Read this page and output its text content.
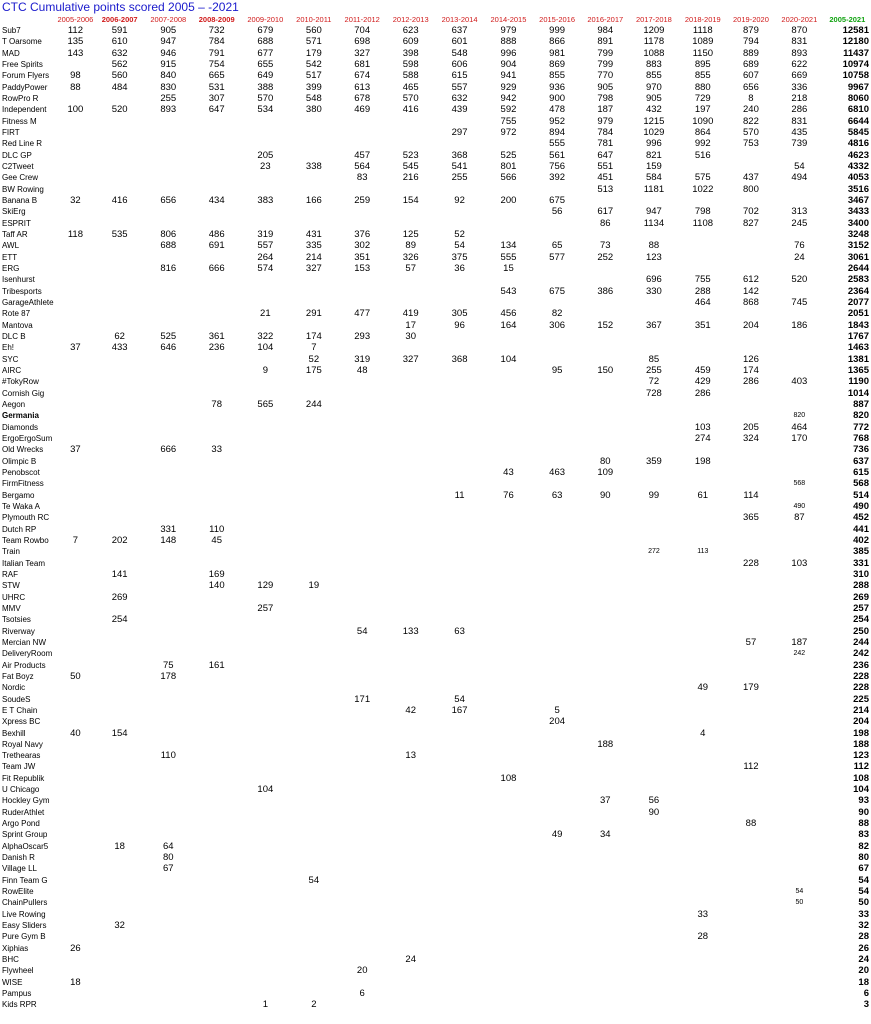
CTC Cumulative points scored 2005 – -2021
	2005-2006	2006-2007	2007-2008	2008-2009	2009-2010	2010-2011	2011-2012	2012-2013	2013-2014	2014-2015	2015-2016	2016-2017	2017-2018	2018-2019	2019-2020	2020-2021	2005-2021
Sub7	112	591	905	732	679	560	704	623	637	979	999	984	1209	1118	879	870	12581
T Oarsome	135	610	947	784	688	571	698	609	601	888	866	891	1178	1089	794	831	12180
MAD	143	632	946	791	677	179	327	398	548	996	981	799	1088	1150	889	893	11437
Free Spirits		562	915	754	655	542	681	598	606	904	869	799	883	895	689	622	10974
Forum Flyers	98	560	840	665	649	517	674	588	615	941	855	770	855	855	607	669	10758
PaddyPower	88	484	830	531	388	399	613	465	557	929	936	905	970	880	656	336	9967
RowPro R			255	307	570	548	678	570	632	942	900	798	905	729	8	218	8060
Independent	100	520	893	647	534	380	469	416	439	592	478	187	432	197	240	286	6810
Fitness M										755	952	979	1215	1090	822	831	6644
FIRT									297	972	894	784	1029	864	570	435	5845
Red Line R											555	781	996	992	753	739	4816
DLC GP					205		457	523	368	525	561	647	821	516			4623
C2Tweet					23	338	564	545	541	801	756	551	159			54	4332
Gee Crew							83	216	255	566	392	451	584	575	437	494	4053
BW Rowing												513	1181	1022	800		3516
Banana B	32	416	656	434	383	166	259	154	92	200	675						3467
SkiErg											56	617	947	798	702	313	3433
ESPRIT												86	1134	1108	827	245	3400
Taff AR	118	535	806	486	319	431	376	125	52								3248
AWL			688	691	557	335	302	89	54	134	65	73	88			76	3152
ETT					264	214	351	326	375	555	577	252	123			24	3061
ERG			816	666	574	327	153	57	36	15							2644
Isenhurst													696	755	612	520	2583
Tribesports										543	675	386	330	288	142		2364
GarageAthlete														464	868	745	2077
Rote 87					21	291	477	419	305	456	82						2051
Mantova								17	96	164	306	152	367	351	204	186	1843
DLC B		62	525	361	322	174	293	30									1767
Eh!	37	433	646	236	104	7											1463
SYC						52	319	327	368	104			85		126		1381
AIRC					9	175	48				95	150	255	459	174		1365
#TokyRow													72	429	286	403	1190
Cornish Gig													728	286			1014
Aegon				78	565	244											887
Germania																820	820
Diamonds														103	205	464	772
ErgoErgoSum														274	324	170	768
Old Wrecks	37		666	33													736
Olimpic B												80	359	198			637
Penobscot										43	463	109					615
FirmFitness																568	568
Bergamo									11	76	63	90	99	61	114		514
Te Waka A																490	490
Plymouth RC															365	87	452
Dutch RP			331	110													441
Team Rowbo	7	202	148	45													402
Train													272	113			385
Italian Team															228	103	331
RAF		141		169													310
STW				140	129	19											288
UHRC		269															269
MMV					257												257
Tsotsies		254															254
Riverway							54	133	63								250
Mercian NW															57	187	244
DeliveryRoom																242	242
Air Products			75	161													236
Fat Boyz	50		178														228
Nordic														49	179		228
SoudeS							171		54								225
E T Chain								42	167		5						214
Xpress BC											204						204
Bexhill	40	154												4			198
Royal Navy												188					188
Trethearas			110					13									123
Team JW															112		112
Fit Republik										108							108
U Chicago					104												104
Hockley Gym												37	56				93
RuderAthlet													90				90
Argo Pond															88		88
Sprint Group											49	34					83
AlphaOscar5		18	64														82
Danish R			80														80
Village LL			67														67
Finn Team G						54											54
RowElite																54	54
ChainPullers																50	50
Live Rowing														33			33
Easy Sliders		32															32
Pure Gym B														28			28
Xiphias	26																26
BHC								24									24
Flywheel							20										20
WISE	18																18
Pampus							6										6
Kids RPR					1	2											3
